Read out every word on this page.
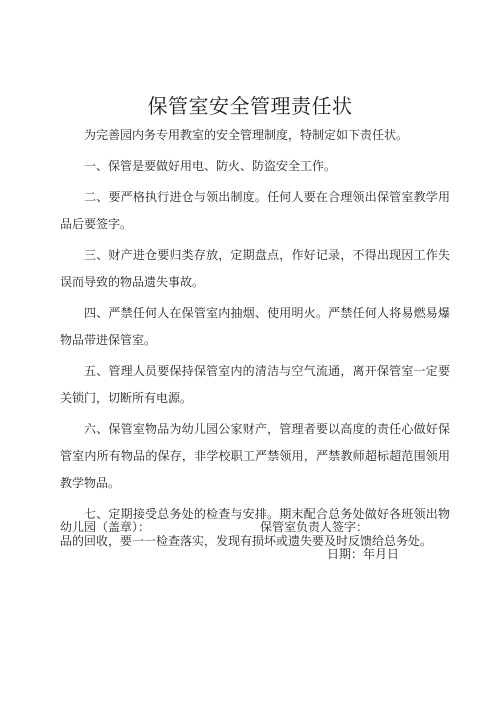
保管室安全管理责任状

为完善园内务专用教室的安全管理制度，特制定如下责任状。

一、保管是要做好用电、防火、防盗安全工作。

二、要严格执行进仓与领出制度。任何人要在合理领出保管室教学用品后要签字。

三、财产进仓要归类存放，定期盘点，作好记录，不得出现因工作失误而导致的物品遗失事故。

四、严禁任何人在保管室内抽烟、使用明火。严禁任何人将易燃易爆物品带进保管室。

五、管理人员要保持保管室内的清洁与空气流通，离开保管室一定要关锁门，切断所有电源。

六、保管室物品为幼儿园公家财产，管理者要以高度的责任心做好保管室内所有物品的保存，非学校职工严禁领用，严禁教师超标超范围领用教学物品。

七、定期接受总务处的检查与安排。期末配合总务处做好各班领出物品的回收，要一一检查落实，发现有损坏或遗失要及时反馈给总务处。

幼儿园（盖章）：	保管室负责人签字：
日期：年月日
